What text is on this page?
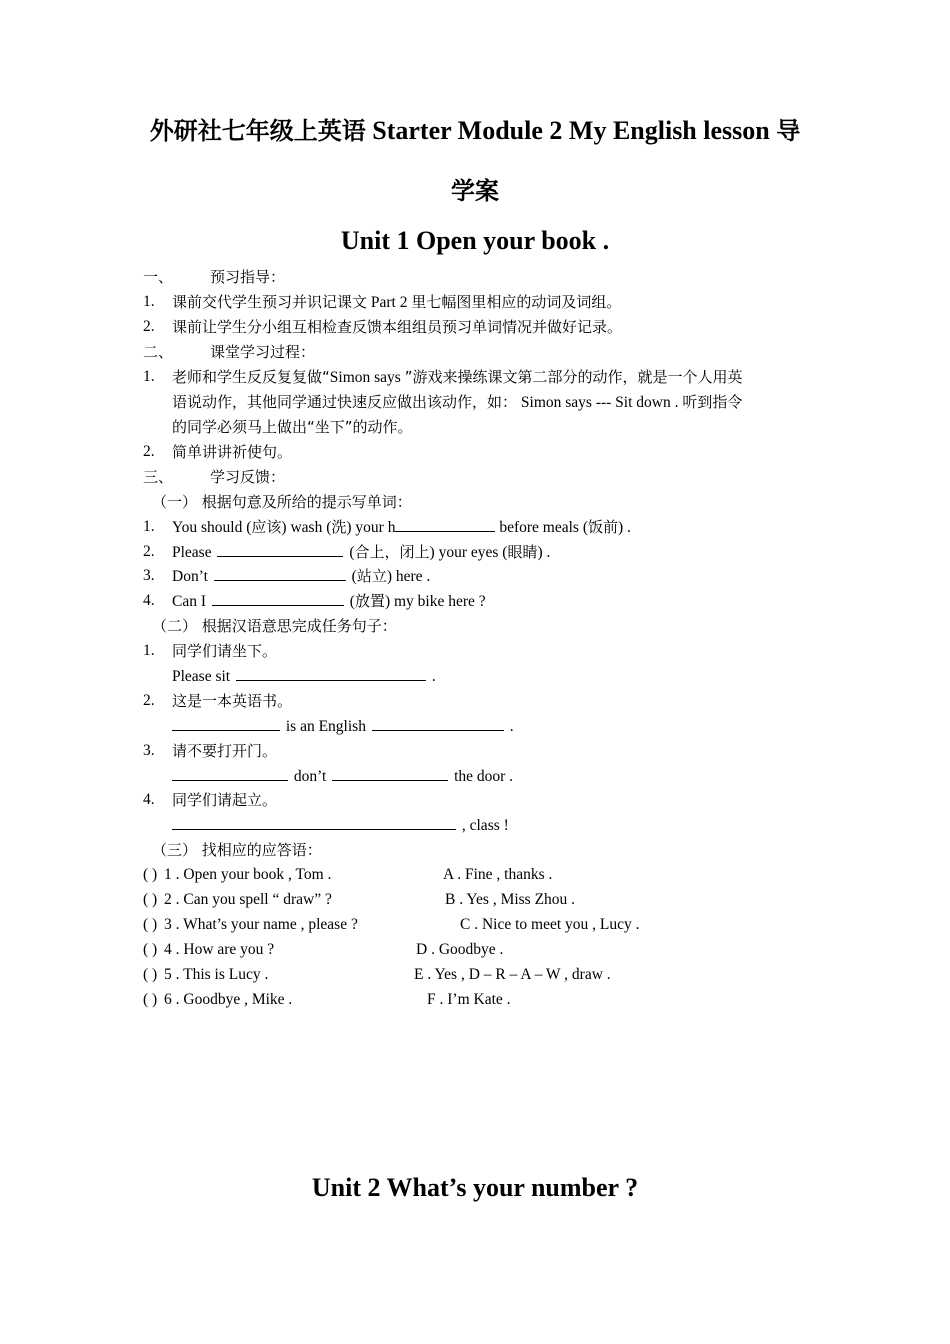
外研社七年级上英语 Starter Module 2 My English lesson 导
学案
Unit 1 Open your book .
一、 预习指导：
1. 课前交代学生预习并识记课文 Part 2 里七幅图里相应的动词及词组。
2. 课前让学生分小组互相检查反馈本组组员预习单词情况并做好记录。
二、 课堂学习过程：
1. 老师和学生反反复复做“Simon says ”游戏来操练课文第二部分的动作，就是一个人用英
语说动作，其他同学通过快速反应做出该动作，如： Simon says --- Sit down . 听到指令
的同学必须马上做出“坐下”的动作。
2. 简单讲讲祈使句。
三、 学习反馈：
（一） 根据句意及所给的提示写单词：
1. You should (应该) wash (洗) your h	before meals (饭前) .
2. Please	(合上，闭上) your eyes (眼睛) .
3. Don’t	(站立) here .
4. Can I	(放置) my bike here ?
（二） 根据汉语意思完成任务句子：
1. 同学们请坐下。
Please sit	.
2. 这是一本英语书。
is an English	.
3. 请不要打开门。
don’t	the door .
4. 同学们请起立。
, class !
（三） 找相应的应答语：
( ) 1 . Open your book , Tom .	A . Fine , thanks .
( ) 2 . Can you spell “ draw” ?	B . Yes , Miss Zhou .
( ) 3 . What’s your name , please ?	C . Nice to meet you , Lucy .
( ) 4 . How are you ?	D . Goodbye .
( ) 5 . This is Lucy .	E . Yes , D – R – A – W , draw .
( ) 6 . Goodbye , Mike .	F . I’m Kate .
Unit 2 What’s your number ?
